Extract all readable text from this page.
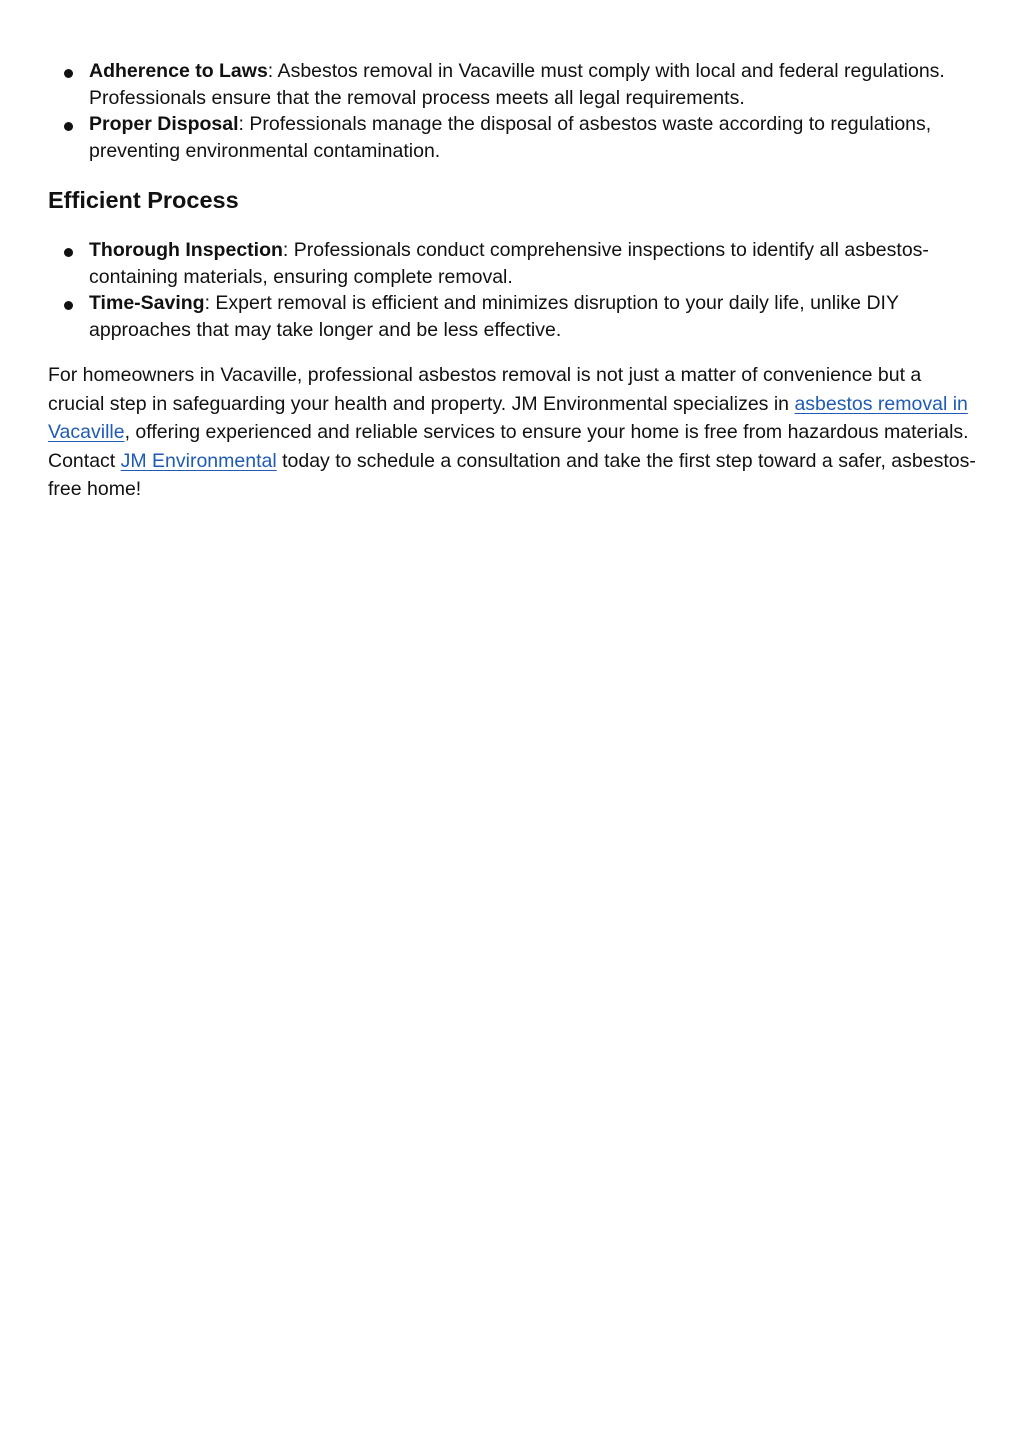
Adherence to Laws: Asbestos removal in Vacaville must comply with local and federal regulations. Professionals ensure that the removal process meets all legal requirements.
Proper Disposal: Professionals manage the disposal of asbestos waste according to regulations, preventing environmental contamination.
Efficient Process
Thorough Inspection: Professionals conduct comprehensive inspections to identify all asbestos-containing materials, ensuring complete removal.
Time-Saving: Expert removal is efficient and minimizes disruption to your daily life, unlike DIY approaches that may take longer and be less effective.

For homeowners in Vacaville, professional asbestos removal is not just a matter of convenience but a crucial step in safeguarding your health and property. JM Environmental specializes in asbestos removal in Vacaville, offering experienced and reliable services to ensure your home is free from hazardous materials. Contact JM Environmental today to schedule a consultation and take the first step toward a safer, asbestos-free home!
